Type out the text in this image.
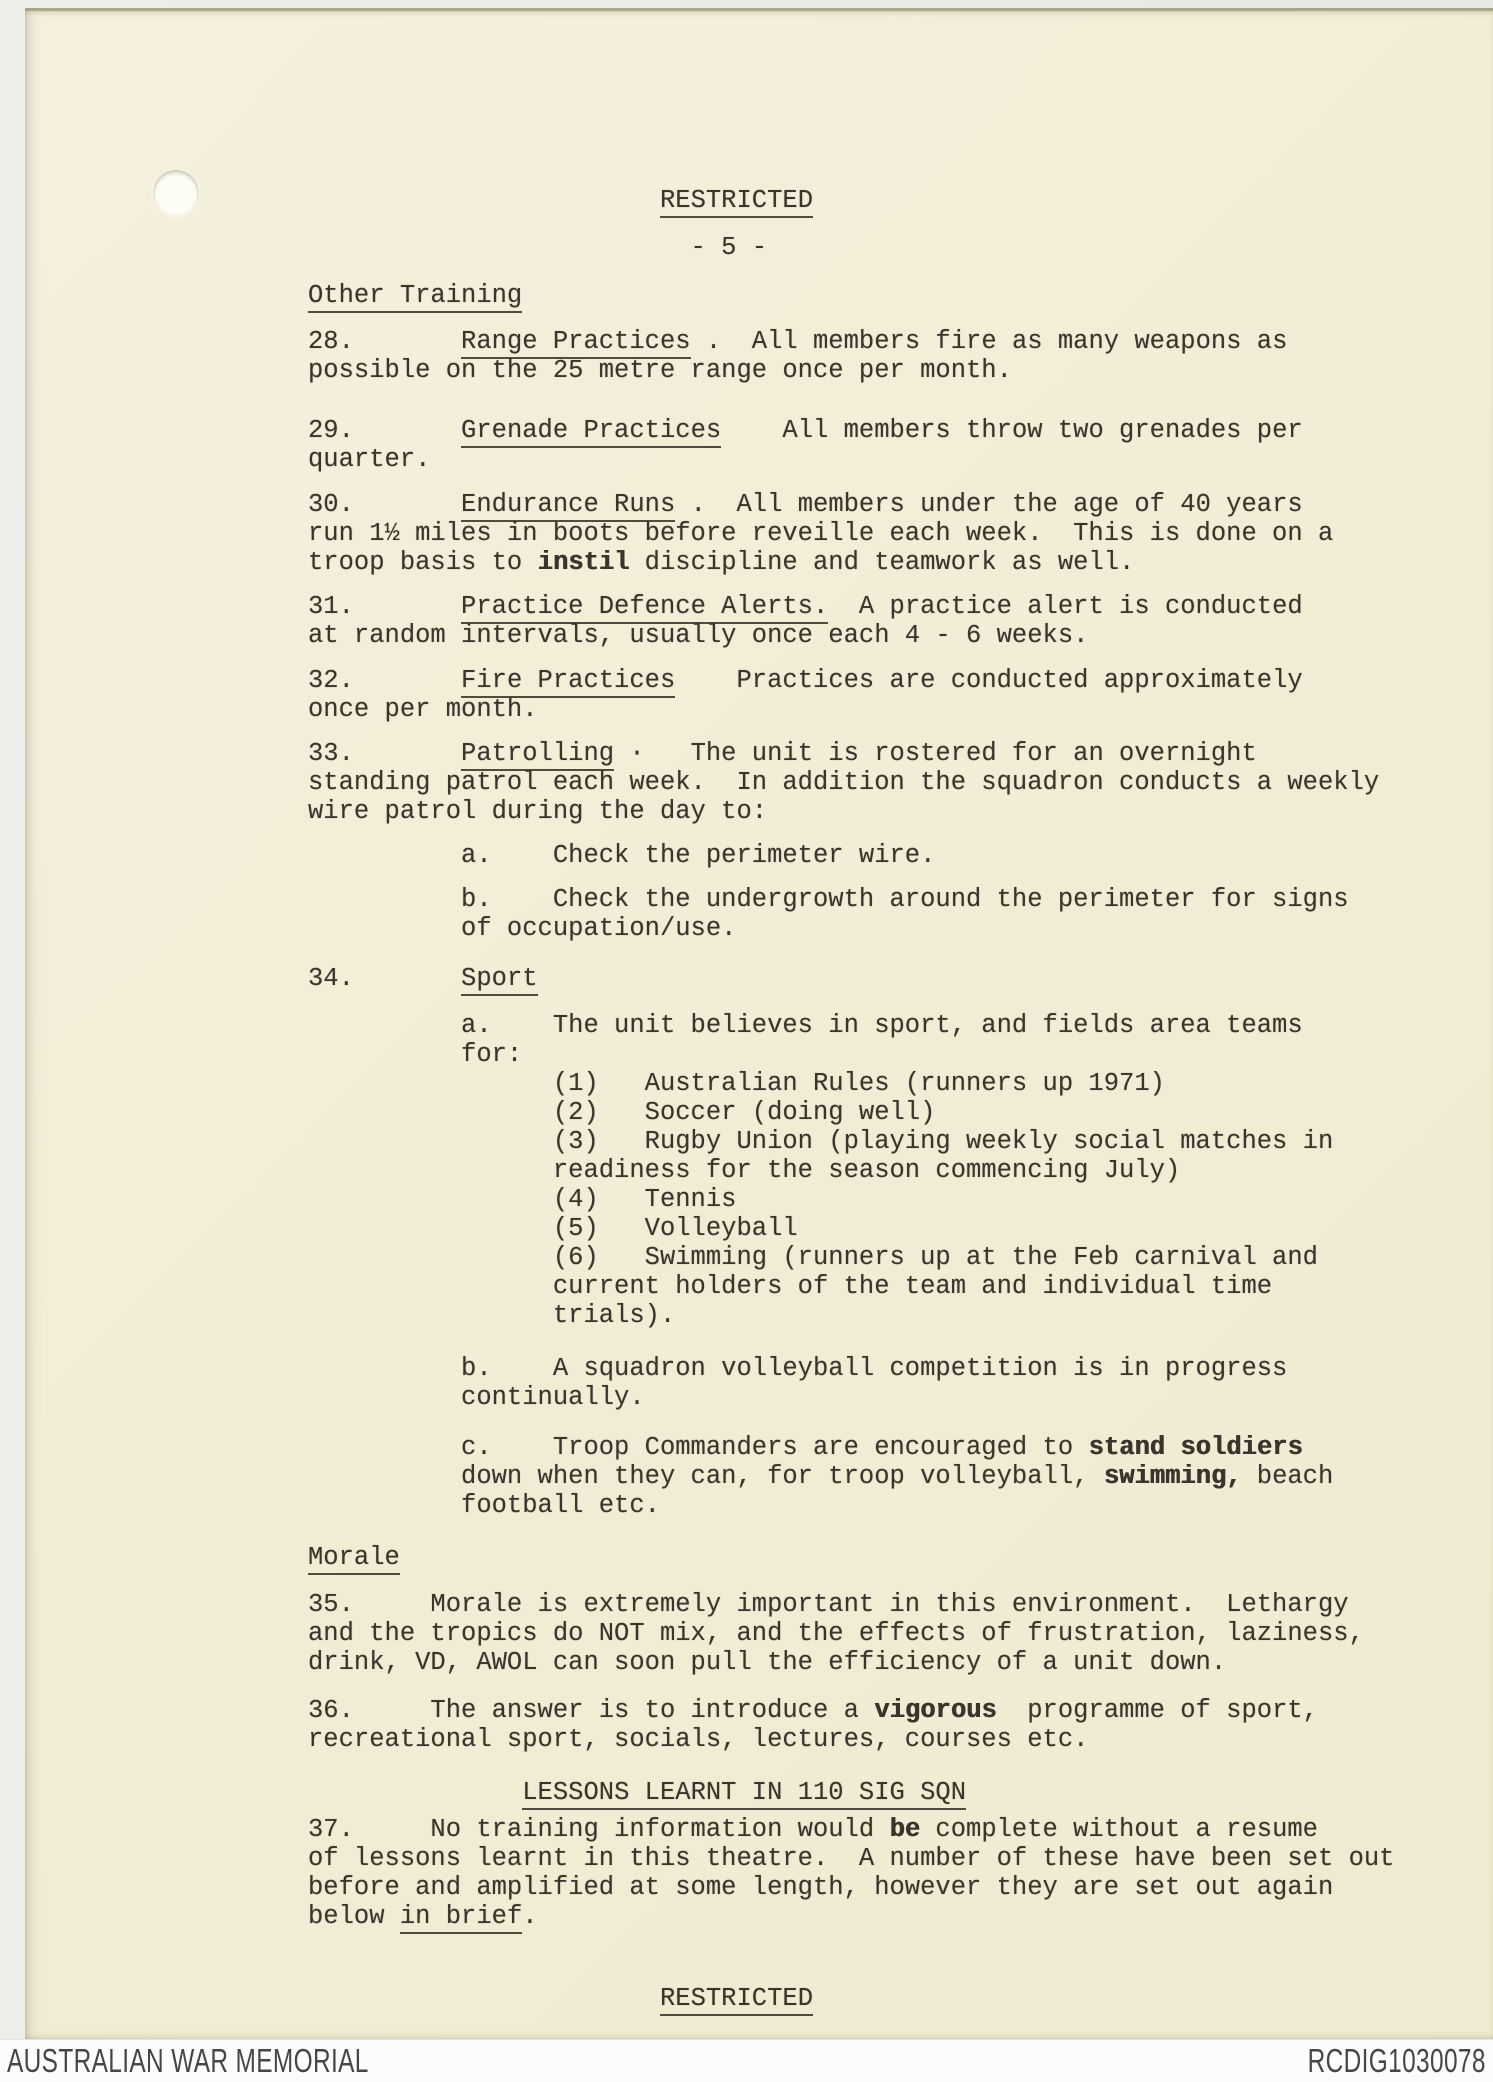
RESTRICTED
- 5 -
Other Training
28.       Range Practices .  All members fire as many weapons as
possible on the 25 metre range once per month.
29.       Grenade Practices All members throw two grenades per
quarter.
30.       Endurance Runs .  All members under the age of 40 years
run 1½ miles in boots before reveille each week.  This is done on a
troop basis to instil discipline and teamwork as well.
31.       Practice Defence Alerts. A practice alert is conducted
at random intervals, usually once each 4 - 6 weeks.
32.       Fire Practices Practices are conducted approximately
once per month.
33.       Patrolling ·   The unit is rostered for an overnight
standing patrol each week.  In addition the squadron conducts a weekly
wire patrol during the day to:
a.    Check the perimeter wire.
b.    Check the undergrowth around the perimeter for signs
of occupation/use.
34.       Sport
a.    The unit believes in sport, and fields area teams
for:
(1)   Australian Rules (runners up 1971)
(2)   Soccer (doing well)
(3)   Rugby Union (playing weekly social matches in
readiness for the season commencing July)
(4)   Tennis
(5)   Volleyball
(6)   Swimming (runners up at the Feb carnival and
current holders of the team and individual time
trials).
b.    A squadron volleyball competition is in progress
continually.
c.    Troop Commanders are encouraged to stand soldiers
down when they can, for troop volleyball, swimming, beach
football etc.
Morale
35.     Morale is extremely important in this environment.  Lethargy
and the tropics do NOT mix, and the effects of frustration, laziness,
drink, VD, AWOL can soon pull the efficiency of a unit down.
36.     The answer is to introduce a vigorous  programme of sport,
recreational sport, socials, lectures, courses etc.
LESSONS LEARNT IN 110 SIG SQN
37.     No training information would be complete without a resume
of lessons learnt in this theatre.  A number of these have been set out
before and amplified at some length, however they are set out again
below in brief.
RESTRICTED
AUSTRALIAN WAR MEMORIAL	RCDIG1030078
